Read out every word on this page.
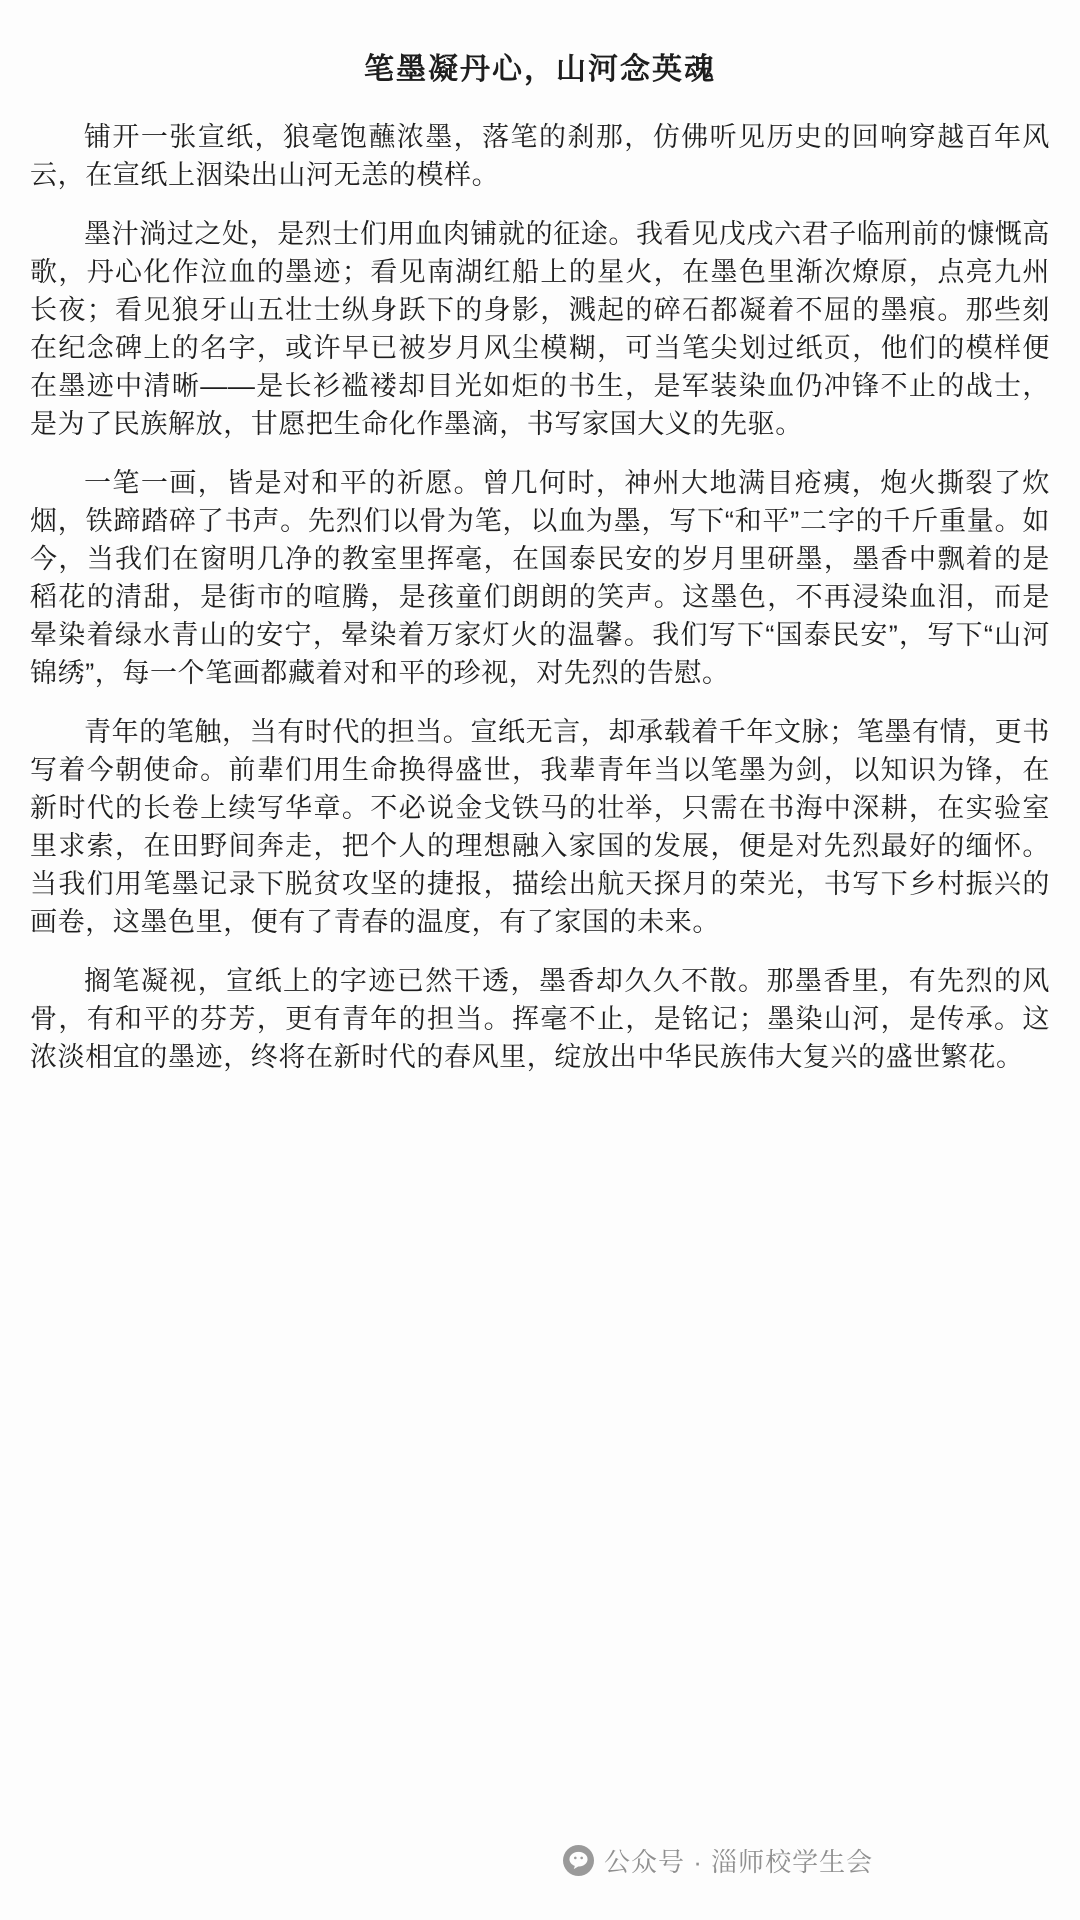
笔墨凝丹心，山河念英魂

铺开一张宣纸，狼毫饱蘸浓墨，落笔的刹那，仿佛听见历史的回响穿越百年风云，在宣纸上洇染出山河无恙的模样。

墨汁淌过之处，是烈士们用血肉铺就的征途。我看见戊戌六君子临刑前的慷慨高歌，丹心化作泣血的墨迹；看见南湖红船上的星火，在墨色里渐次燎原，点亮九州长夜；看见狼牙山五壮士纵身跃下的身影，溅起的碎石都凝着不屈的墨痕。那些刻在纪念碑上的名字，或许早已被岁月风尘模糊，可当笔尖划过纸页，他们的模样便在墨迹中清晰——是长衫褴褛却目光如炬的书生，是军装染血仍冲锋不止的战士，是为了民族解放，甘愿把生命化作墨滴，书写家国大义的先驱。

一笔一画，皆是对和平的祈愿。曾几何时，神州大地满目疮痍，炮火撕裂了炊烟，铁蹄踏碎了书声。先烈们以骨为笔，以血为墨，写下“和平”二字的千斤重量。如今，当我们在窗明几净的教室里挥毫，在国泰民安的岁月里研墨，墨香中飘着的是稻花的清甜，是街市的喧腾，是孩童们朗朗的笑声。这墨色，不再浸染血泪，而是晕染着绿水青山的安宁，晕染着万家灯火的温馨。我们写下“国泰民安”，写下“山河锦绣”，每一个笔画都藏着对和平的珍视，对先烈的告慰。

青年的笔触，当有时代的担当。宣纸无言，却承载着千年文脉；笔墨有情，更书写着今朝使命。前辈们用生命换得盛世，我辈青年当以笔墨为剑，以知识为锋，在新时代的长卷上续写华章。不必说金戈铁马的壮举，只需在书海中深耕，在实验室里求索，在田野间奔走，把个人的理想融入家国的发展，便是对先烈最好的缅怀。当我们用笔墨记录下脱贫攻坚的捷报，描绘出航天探月的荣光，书写下乡村振兴的画卷，这墨色里，便有了青春的温度，有了家国的未来。

搁笔凝视，宣纸上的字迹已然干透，墨香却久久不散。那墨香里，有先烈的风骨，有和平的芬芳，更有青年的担当。挥毫不止，是铭记；墨染山河，是传承。这浓淡相宜的墨迹，终将在新时代的春风里，绽放出中华民族伟大复兴的盛世繁花。

公众号 · 淄师校学生会
